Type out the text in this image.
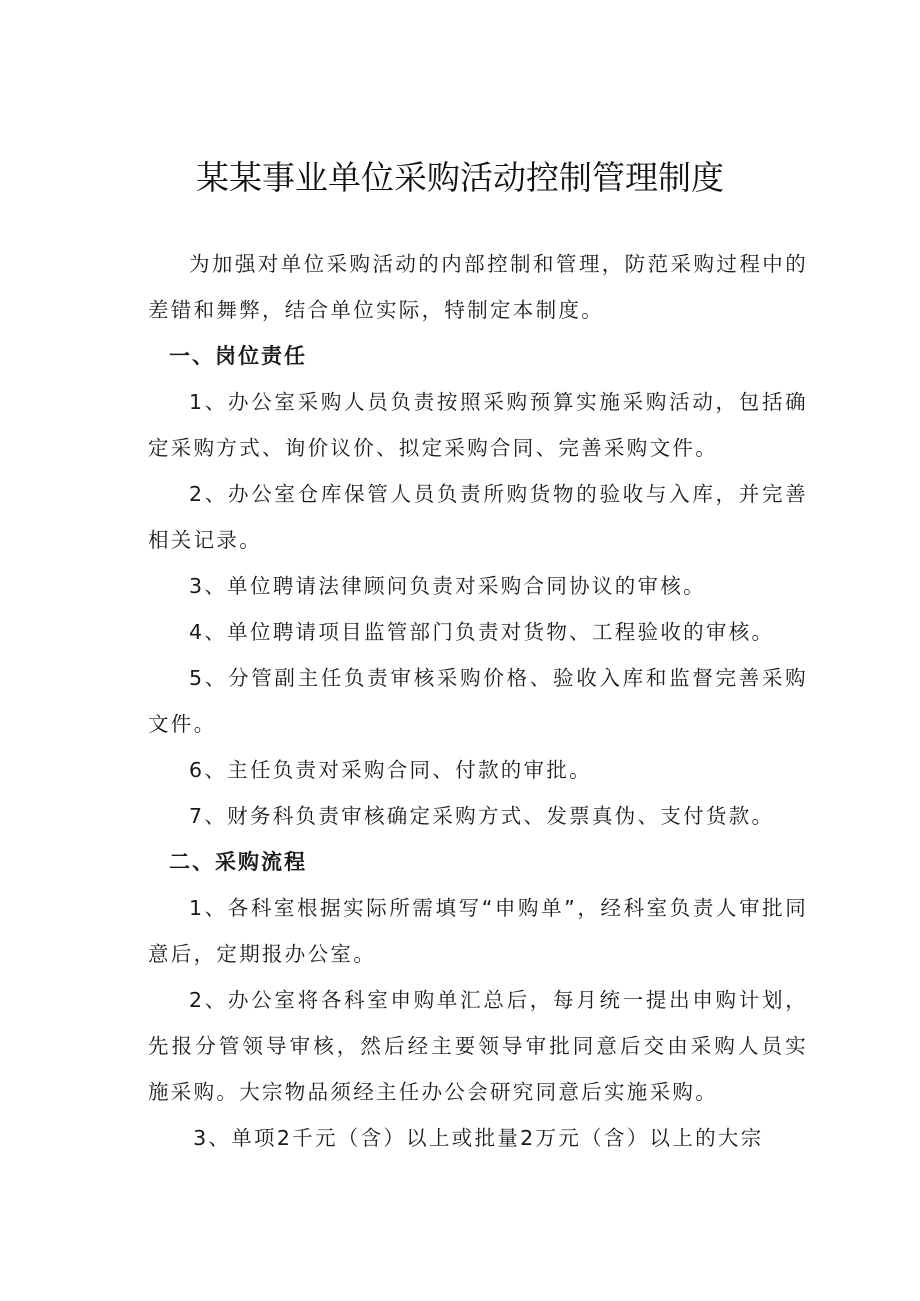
某某事业单位采购活动控制管理制度

为加强对单位采购活动的内部控制和管理，防范采购过程中的差错和舞弊，结合单位实际，特制定本制度。

一、岗位责任

1、办公室采购人员负责按照采购预算实施采购活动，包括确定采购方式、询价议价、拟定采购合同、完善采购文件。

2、办公室仓库保管人员负责所购货物的验收与入库，并完善相关记录。

3、单位聘请法律顾问负责对采购合同协议的审核。

4、单位聘请项目监管部门负责对货物、工程验收的审核。

5、分管副主任负责审核采购价格、验收入库和监督完善采购文件。

6、主任负责对采购合同、付款的审批。

7、财务科负责审核确定采购方式、发票真伪、支付货款。

二、采购流程

1、各科室根据实际所需填写“申购单”，经科室负责人审批同意后，定期报办公室。

2、办公室将各科室申购单汇总后，每月统一提出申购计划，先报分管领导审核，然后经主要领导审批同意后交由采购人员实施采购。大宗物品须经主任办公会研究同意后实施采购。

3、单项2千元（含）以上或批量2万元（含）以上的大宗
